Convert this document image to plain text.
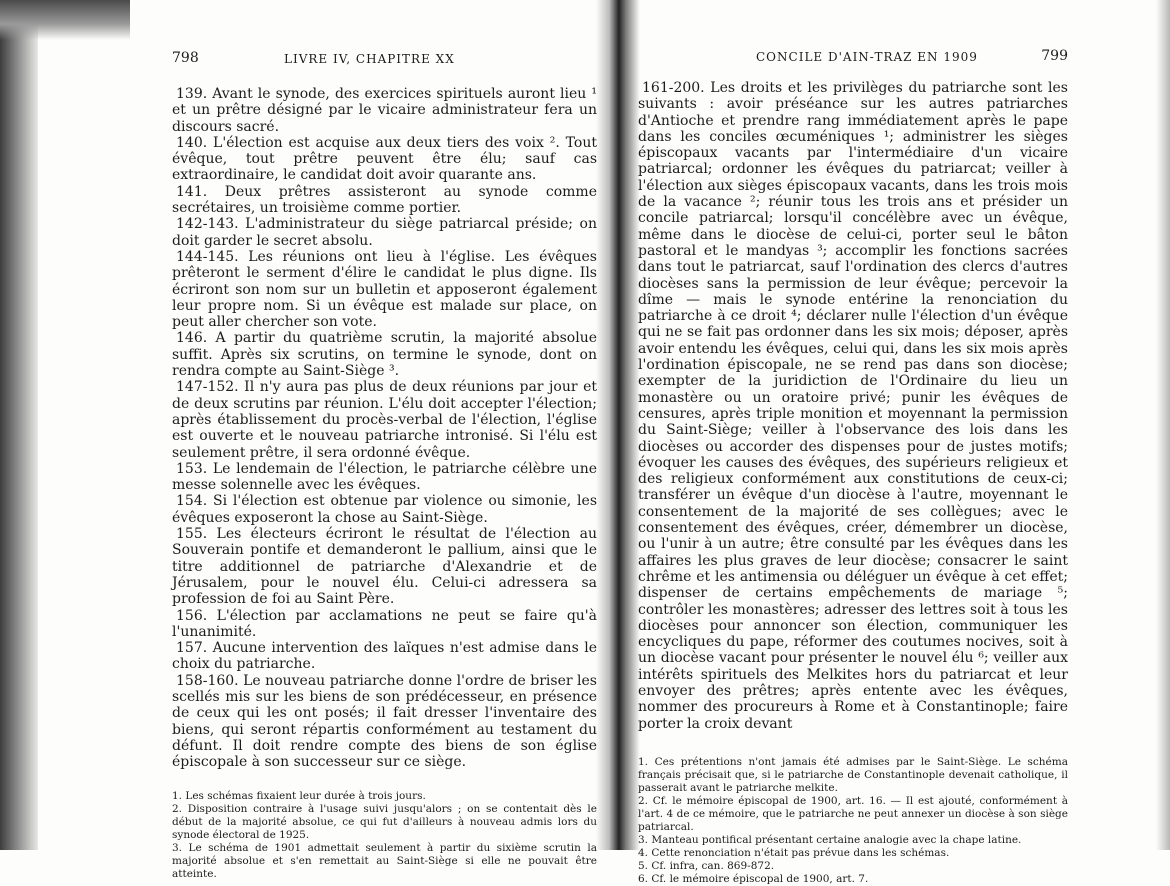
798	LIVRE IV, CHAPITRE XX

139. Avant le synode, des exercices spirituels auront lieu ¹ et un prêtre désigné par le vicaire administrateur fera un discours sacré.

140. L'élection est acquise aux deux tiers des voix ². Tout évêque, tout prêtre peuvent être élu; sauf cas extraordinaire, le candidat doit avoir quarante ans.

141. Deux prêtres assisteront au synode comme secrétaires, un troisième comme portier.

142-143. L'administrateur du siège patriarcal préside; on doit garder le secret absolu.

144-145. Les réunions ont lieu à l'église. Les évêques prêteront le serment d'élire le candidat le plus digne. Ils écriront son nom sur un bulletin et apposeront également leur propre nom. Si un évêque est malade sur place, on peut aller chercher son vote.

146. A partir du quatrième scrutin, la majorité absolue suffit. Après six scrutins, on termine le synode, dont on rendra compte au Saint-Siège ³.

147-152. Il n'y aura pas plus de deux réunions par jour et de deux scrutins par réunion. L'élu doit accepter l'élection; après établissement du procès-verbal de l'élection, l'église est ouverte et le nouveau patriarche intronisé. Si l'élu est seulement prêtre, il sera ordonné évêque.

153. Le lendemain de l'élection, le patriarche célèbre une messe solennelle avec les évêques.

154. Si l'élection est obtenue par violence ou simonie, les évêques exposeront la chose au Saint-Siège.

155. Les électeurs écriront le résultat de l'élection au Souverain pontife et demanderont le pallium, ainsi que le titre additionnel de patriarche d'Alexandrie et de Jérusalem, pour le nouvel élu. Celui-ci adressera sa profession de foi au Saint Père.

156. L'élection par acclamations ne peut se faire qu'à l'unanimité.

157. Aucune intervention des laïques n'est admise dans le choix du patriarche.

158-160. Le nouveau patriarche donne l'ordre de briser les scellés mis sur les biens de son prédécesseur, en présence de ceux qui les ont posés; il fait dresser l'inventaire des biens, qui seront répartis conformément au testament du défunt. Il doit rendre compte des biens de son église épiscopale à son successeur sur ce siège.

1. Les schémas fixaient leur durée à trois jours.

2. Disposition contraire à l'usage suivi jusqu'alors ; on se contentait dès le début de la majorité absolue, ce qui fut d'ailleurs à nouveau admis lors du synode électoral de 1925.

3. Le schéma de 1901 admettait seulement à partir du sixième scrutin la majorité absolue et s'en remettait au Saint-Siège si elle ne pouvait être atteinte.

CONCILE D'AIN-TRAZ EN 1909	799

161-200. Les droits et les privilèges du patriarche sont les suivants : avoir préséance sur les autres patriarches d'Antioche et prendre rang immédiatement après le pape dans les conciles œcuméniques ¹; administrer les sièges épiscopaux vacants par l'intermédiaire d'un vicaire patriarcal; ordonner les évêques du patriarcat; veiller à l'élection aux sièges épiscopaux vacants, dans les trois mois de la vacance ²; réunir tous les trois ans et présider un concile patriarcal; lorsqu'il concélèbre avec un évêque, même dans le diocèse de celui-ci, porter seul le bâton pastoral et le mandyas ³; accomplir les fonctions sacrées dans tout le patriarcat, sauf l'ordination des clercs d'autres diocèses sans la permission de leur évêque; percevoir la dîme — mais le synode entérine la renonciation du patriarche à ce droit ⁴; déclarer nulle l'élection d'un évêque qui ne se fait pas ordonner dans les six mois; déposer, après avoir entendu les évêques, celui qui, dans les six mois après l'ordination épiscopale, ne se rend pas dans son diocèse; exempter de la juridiction de l'Ordinaire du lieu un monastère ou un oratoire privé; punir les évêques de censures, après triple monition et moyennant la permission du Saint-Siège; veiller à l'observance des lois dans les diocèses ou accorder des dispenses pour de justes motifs; évoquer les causes des évêques, des supérieurs religieux et des religieux conformément aux constitutions de ceux-ci; transférer un évêque d'un diocèse à l'autre, moyennant le consentement de la majorité de ses collègues; avec le consentement des évêques, créer, démembrer un diocèse, ou l'unir à un autre; être consulté par les évêques dans les affaires les plus graves de leur diocèse; consacrer le saint chrême et les antimensia ou déléguer un évêque à cet effet; dispenser de certains empêchements de mariage ⁵; contrôler les monastères; adresser des lettres soit à tous les diocèses pour annoncer son élection, communiquer les encycliques du pape, réformer des coutumes nocives, soit à un diocèse vacant pour présenter le nouvel élu ⁶; veiller aux intérêts spirituels des Melkites hors du patriarcat et leur envoyer des prêtres; après entente avec les évêques, nommer des procureurs à Rome et à Constantinople; faire porter la croix devant

1. Ces prétentions n'ont jamais été admises par le Saint-Siège. Le schéma français précisait que, si le patriarche de Constantinople devenait catholique, il passerait avant le patriarche melkite.

2. Cf. le mémoire épiscopal de 1900, art. 16. — Il est ajouté, conformément à l'art. 4 de ce mémoire, que le patriarche ne peut annexer un diocèse à son siège patriarcal.

3. Manteau pontifical présentant certaine analogie avec la chape latine.

4. Cette renonciation n'était pas prévue dans les schémas.

5. Cf. infra, can. 869-872.

6. Cf. le mémoire épiscopal de 1900, art. 7.
